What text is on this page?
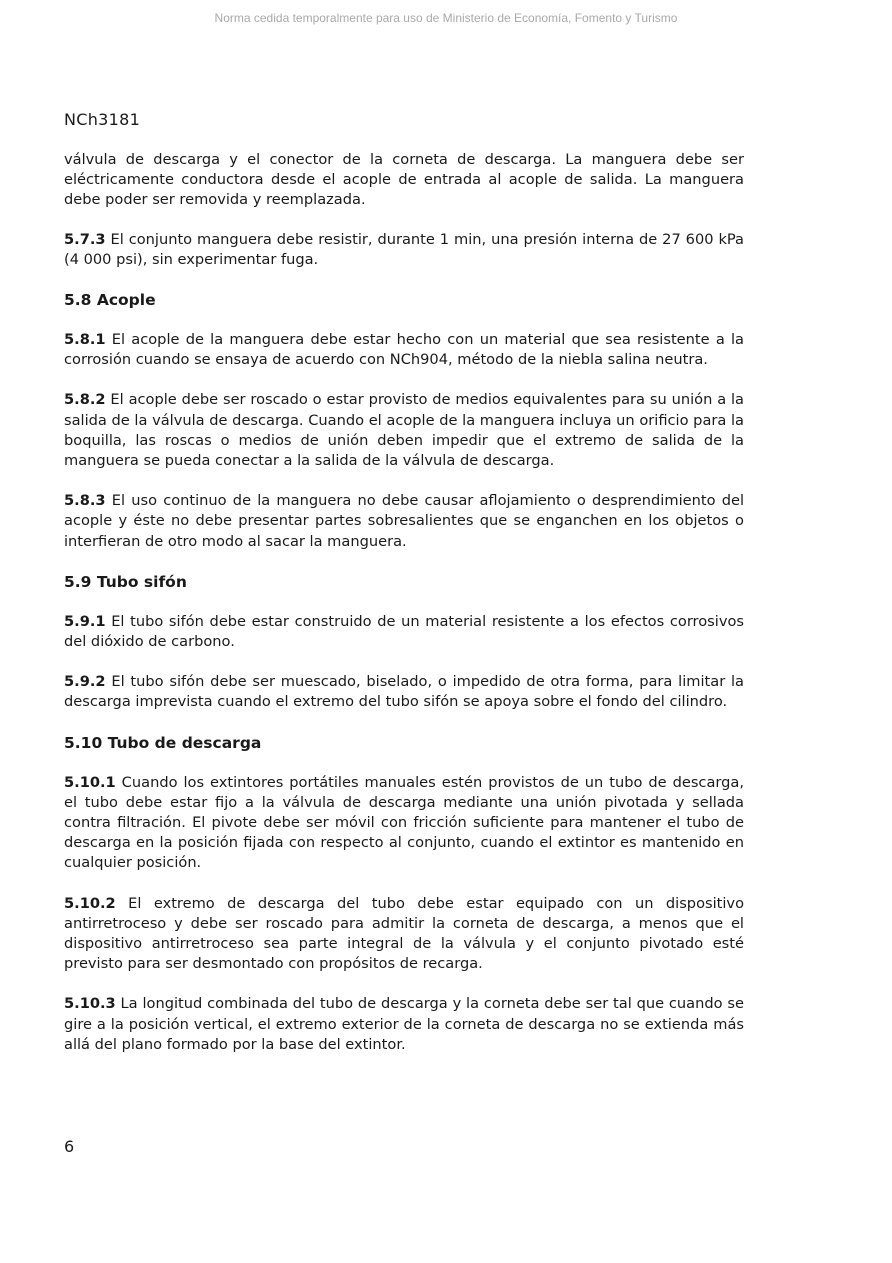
Norma cedida temporalmente para uso de Ministerio de Economía, Fomento y Turismo
NCh3181

válvula de descarga y el conector de la corneta de descarga. La manguera debe ser eléctricamente conductora desde el acople de entrada al acople de salida. La manguera debe poder ser removida y reemplazada.

5.7.3 El conjunto manguera debe resistir, durante 1 min, una presión interna de 27 600 kPa (4 000 psi), sin experimentar fuga.

5.8 Acople

5.8.1 El acople de la manguera debe estar hecho con un material que sea resistente a la corrosión cuando se ensaya de acuerdo con NCh904, método de la niebla salina neutra.

5.8.2 El acople debe ser roscado o estar provisto de medios equivalentes para su unión a la salida de la válvula de descarga. Cuando el acople de la manguera incluya un orificio para la boquilla, las roscas o medios de unión deben impedir que el extremo de salida de la manguera se pueda conectar a la salida de la válvula de descarga.

5.8.3 El uso continuo de la manguera no debe causar aflojamiento o desprendimiento del acople y éste no debe presentar partes sobresalientes que se enganchen en los objetos o interfieran de otro modo al sacar la manguera.

5.9 Tubo sifón

5.9.1 El tubo sifón debe estar construido de un material resistente a los efectos corrosivos del dióxido de carbono.

5.9.2 El tubo sifón debe ser muescado, biselado, o impedido de otra forma, para limitar la descarga imprevista cuando el extremo del tubo sifón se apoya sobre el fondo del cilindro.

5.10 Tubo de descarga

5.10.1 Cuando los extintores portátiles manuales estén provistos de un tubo de descarga, el tubo debe estar fijo a la válvula de descarga mediante una unión pivotada y sellada contra filtración. El pivote debe ser móvil con fricción suficiente para mantener el tubo de descarga en la posición fijada con respecto al conjunto, cuando el extintor es mantenido en cualquier posición.

5.10.2 El extremo de descarga del tubo debe estar equipado con un dispositivo antirretroceso y debe ser roscado para admitir la corneta de descarga, a menos que el dispositivo antirretroceso sea parte integral de la válvula y el conjunto pivotado esté previsto para ser desmontado con propósitos de recarga.

5.10.3 La longitud combinada del tubo de descarga y la corneta debe ser tal que cuando se gire a la posición vertical, el extremo exterior de la corneta de descarga no se extienda más allá del plano formado por la base del extintor.

6
